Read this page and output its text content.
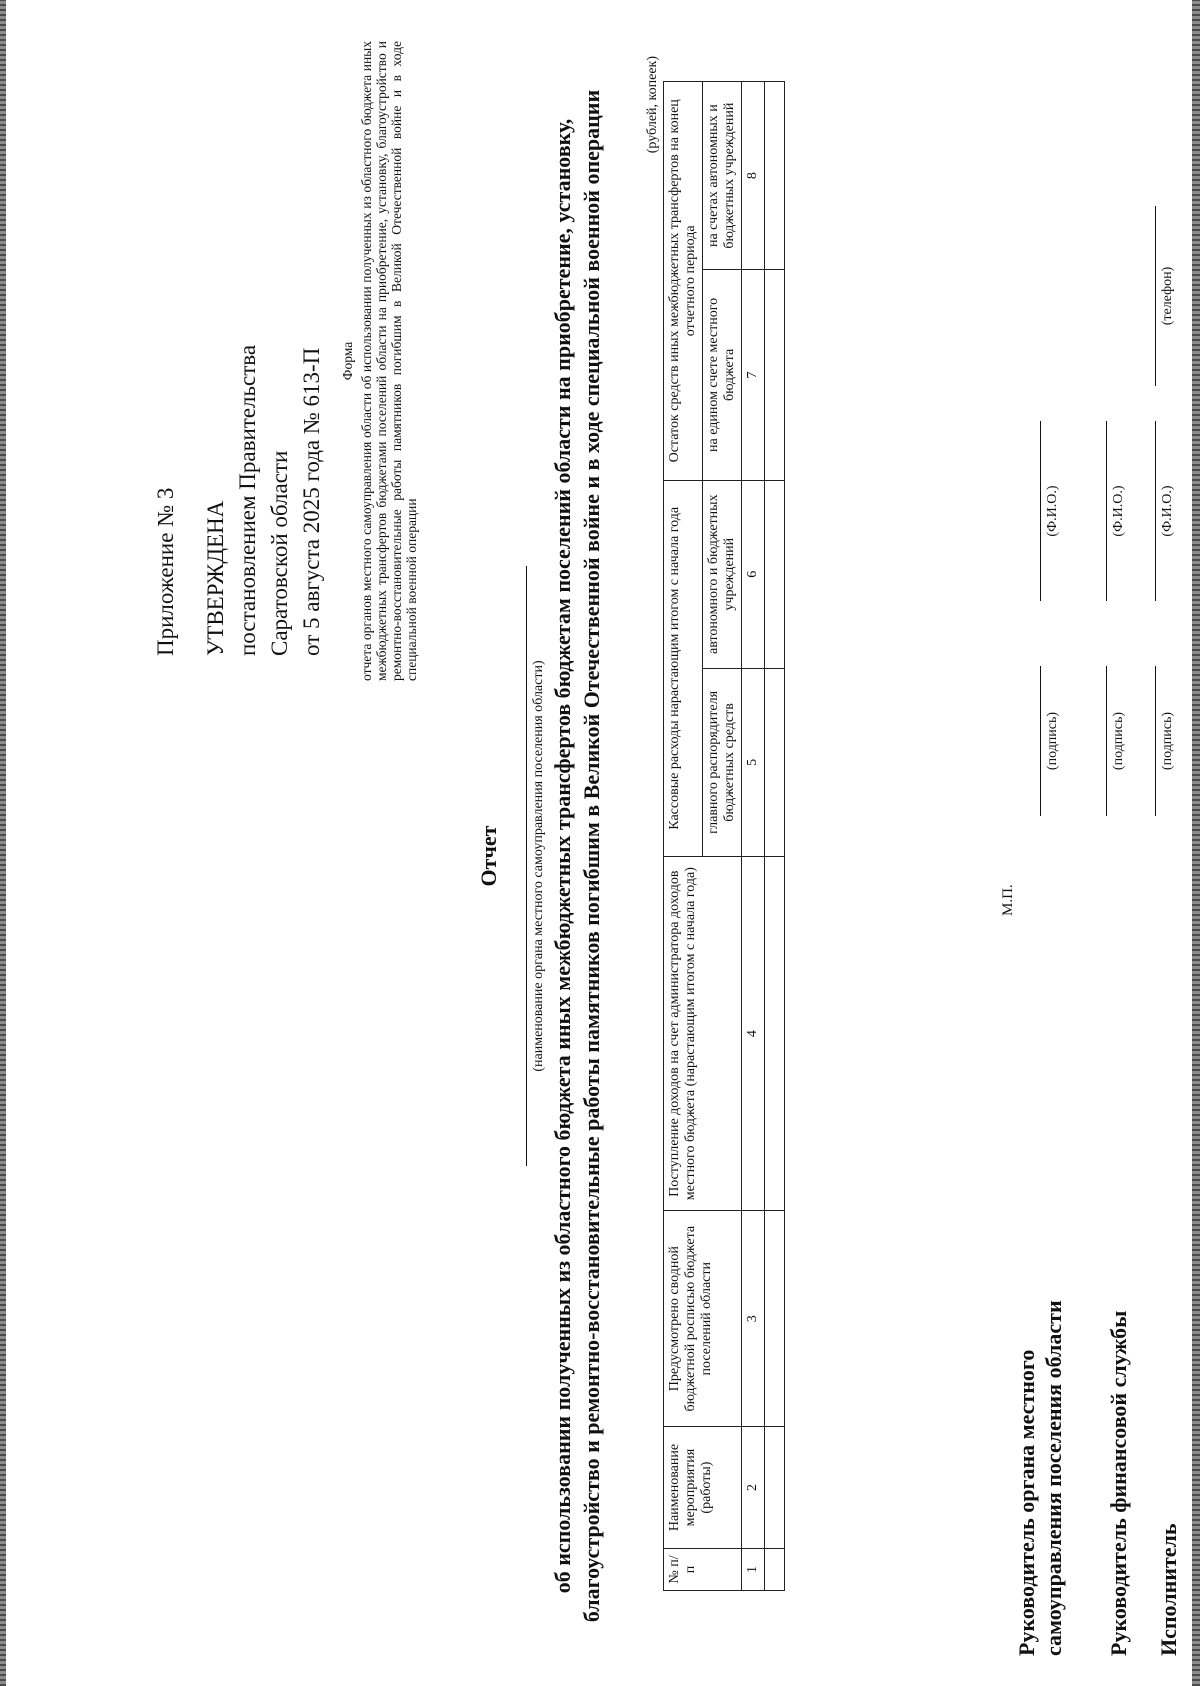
Приложение № 3 УТВЕРЖДЕНА постановлением Правительства Саратовской области от 5 августа 2025 года № 613-П Форма отчета органов местного самоуправления области об использовании полученных из областного бюджета иных межбюджетных трансфертов бюджетами поселений области на приобретение, установку, благоустройство и ремонтно-восстановительные работы памятников погибшим в Великой Отечественной войне и в ходе специальной военной операции
Отчет (наименование органа местного самоуправления поселения области) об использовании полученных из областного бюджета иных межбюджетных трансфертов бюджетам поселений области на приобретение, установку, благоустройство и ремонтно-восстановительные работы памятников погибшим в Великой Отечественной войне и в ходе специальной военной операции	(рублей, копеек)
№ п/п	Наименование мероприятия (работы)	Предусмотрено сводной бюджетной росписью бюджета поселений области	Поступление доходов на счет администратора доходов местного бюджета (нарастающим итогом с начала года)	Кассовые расходы нарастающим итогом с начала года		Остаток средств иных межбюджетных трансфертов на конец отчетного периода	
				главного распорядителя бюджетных средств	автономного и бюджетных учреждений	на едином счете местного бюджета	на счетах автономных и бюджетных учреждений
1	2	3	4	5	6	7	8

Руководитель органа местного самоуправления поселения области
М.П.
(подпись)
(Ф.И.О.)
Руководитель финансовой службы
(подпись)
(Ф.И.О.)
Исполнитель
(подпись)
(Ф.И.О.)
(телефон)
